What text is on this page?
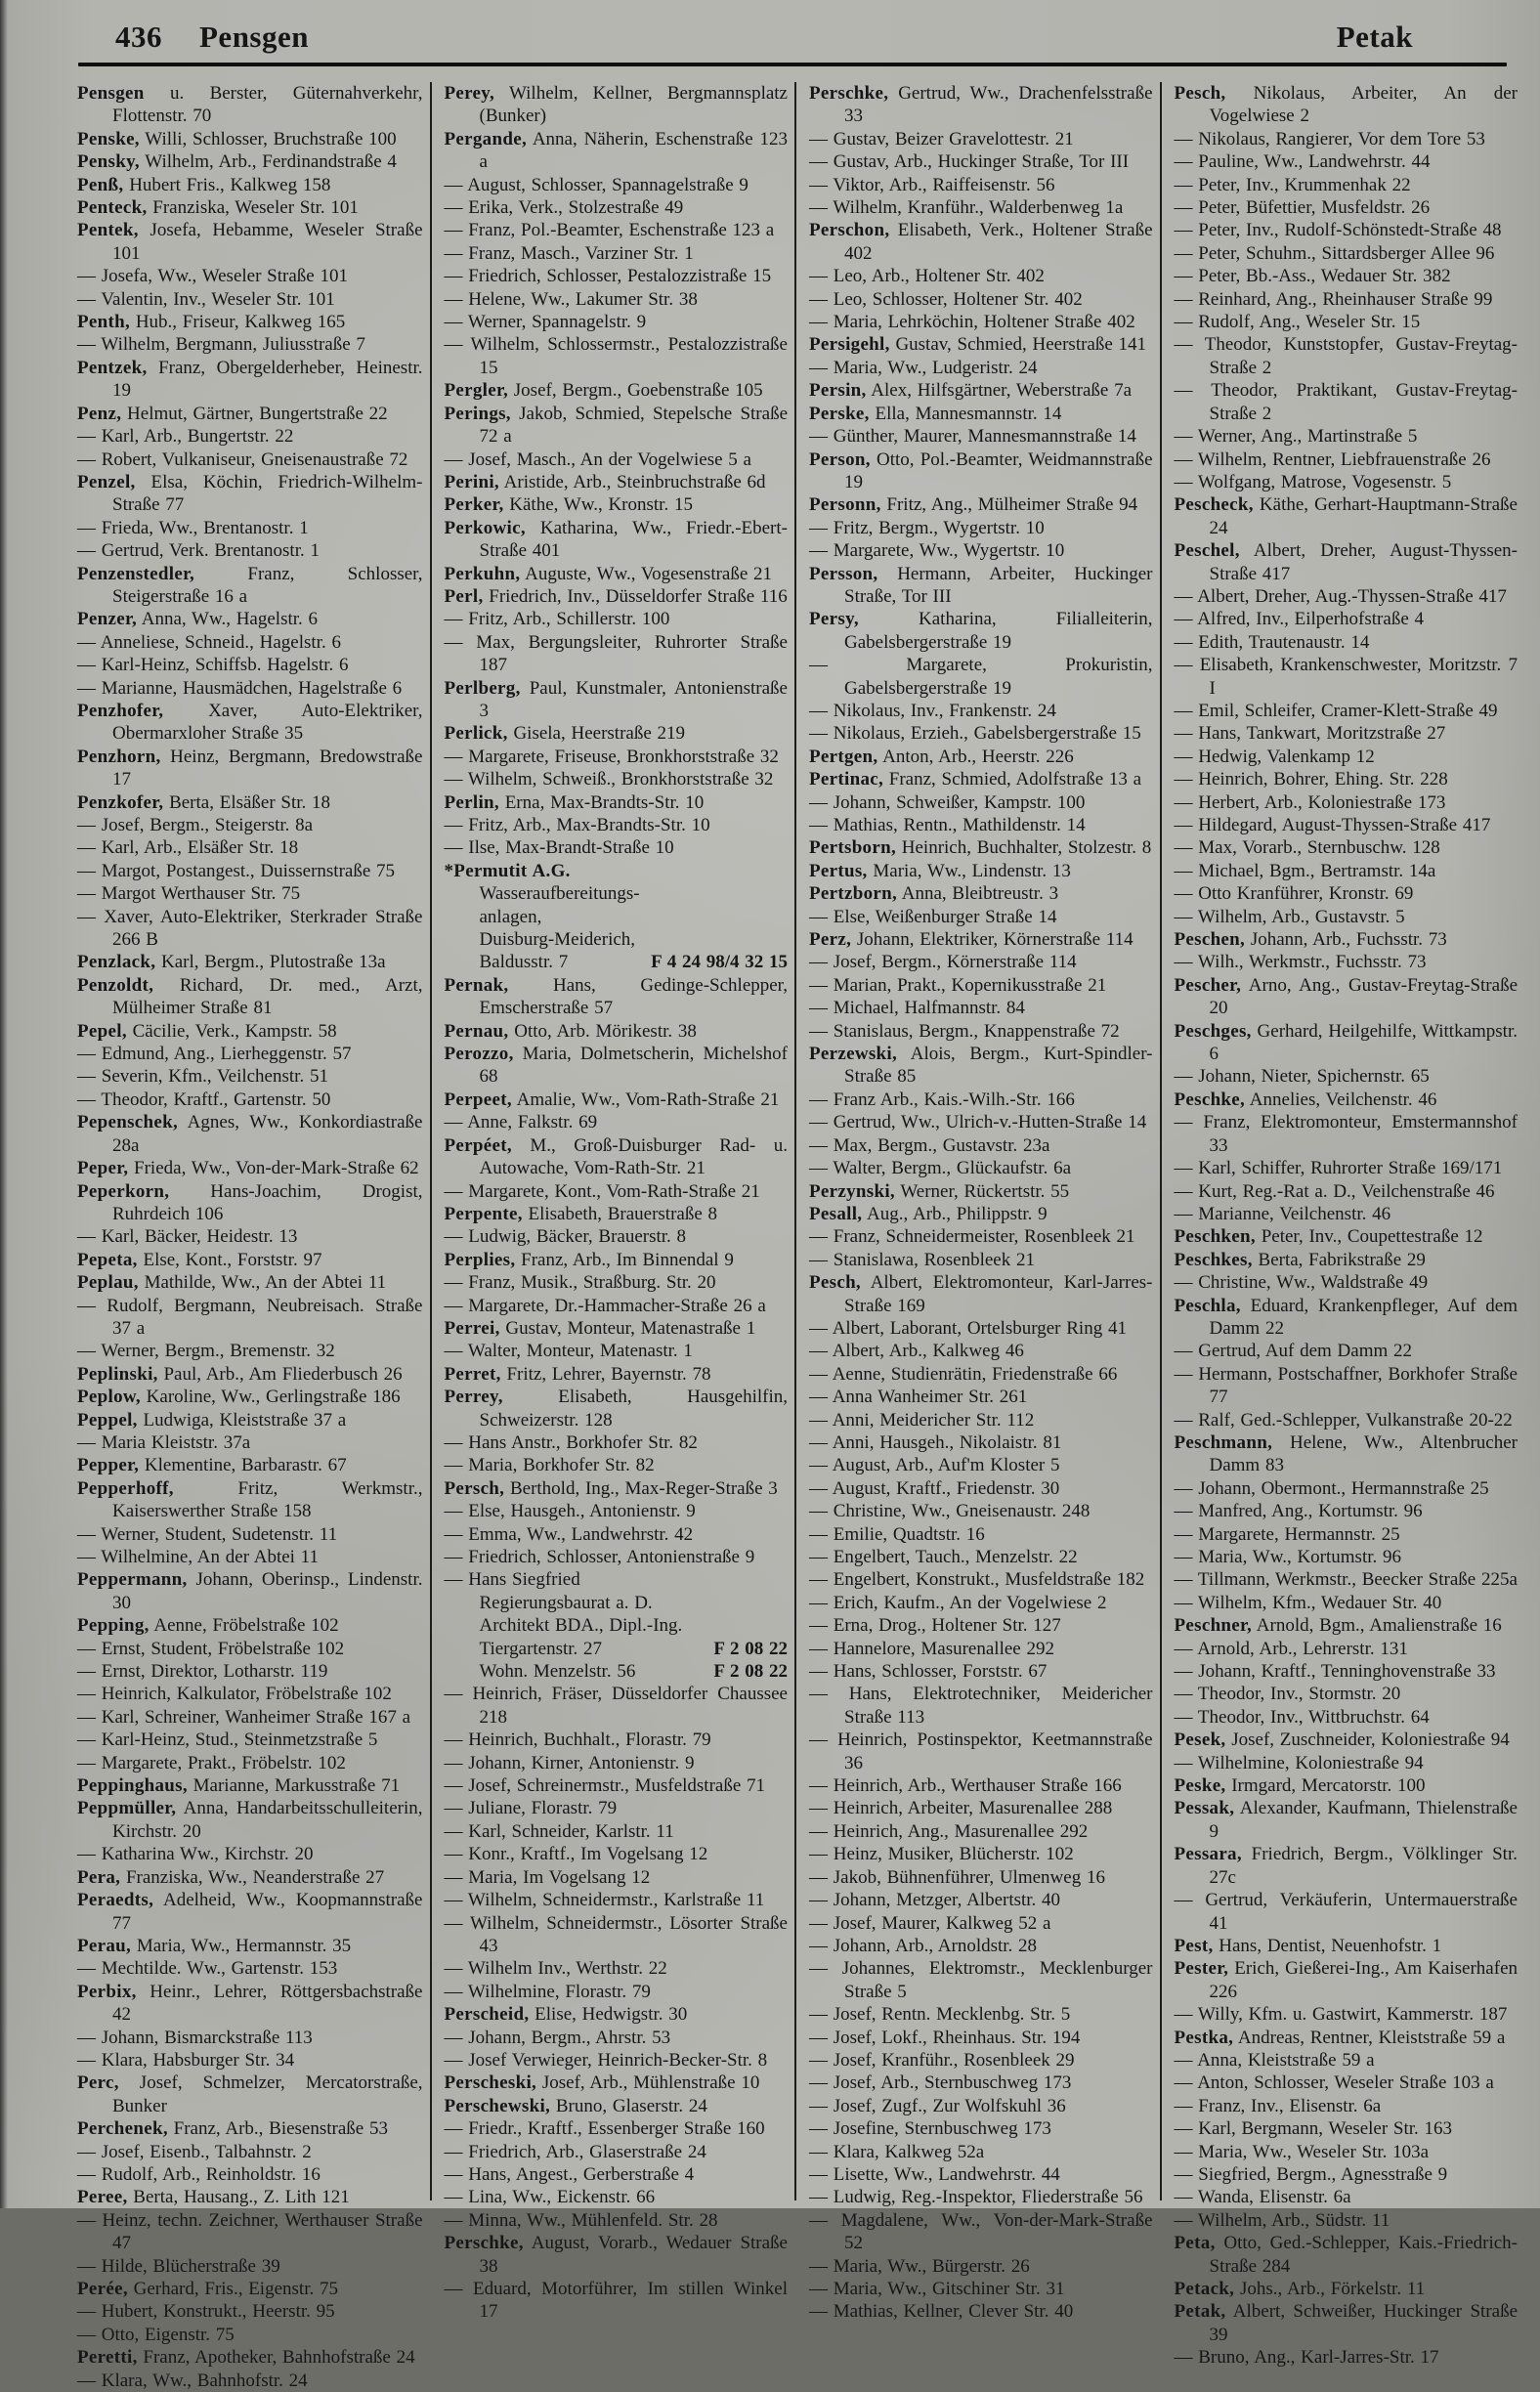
436 Pensgen	Petak

Pensgen u. Berster, Güternahverkehr, Flottenstr. 70

Penske, Willi, Schlosser, Bruchstraße 100

Pensky, Wilhelm, Arb., Ferdinandstraße 4

Penß, Hubert Fris., Kalkweg 158

Penteck, Franziska, Weseler Str. 101

Pentek, Josefa, Hebamme, Weseler Straße 101

— Josefa, Ww., Weseler Straße 101

— Valentin, Inv., Weseler Str. 101

Penth, Hub., Friseur, Kalkweg 165

— Wilhelm, Bergmann, Juliusstraße 7

Pentzek, Franz, Obergelderheber, Heinestr. 19

Penz, Helmut, Gärtner, Bungertstraße 22

— Karl, Arb., Bungertstr. 22

— Robert, Vulkaniseur, Gneisenaustraße 72

Penzel, Elsa, Köchin, Friedrich-Wilhelm-Straße 77

— Frieda, Ww., Brentanostr. 1

— Gertrud, Verk. Brentanostr. 1

Penzenstedler, Franz, Schlosser, Steigerstraße 16 a

Penzer, Anna, Ww., Hagelstr. 6

— Anneliese, Schneid., Hagelstr. 6

— Karl-Heinz, Schiffsb. Hagelstr. 6

— Marianne, Hausmädchen, Hagelstraße 6

Penzhofer, Xaver, Auto-Elektriker, Obermarxloher Straße 35

Penzhorn, Heinz, Bergmann, Bredowstraße 17

Penzkofer, Berta, Elsäßer Str. 18

— Josef, Bergm., Steigerstr. 8a

— Karl, Arb., Elsäßer Str. 18

— Margot, Postangest., Duissernstraße 75

— Margot Werthauser Str. 75

— Xaver, Auto-Elektriker, Sterkrader Straße 266 B

Penzlack, Karl, Bergm., Plutostraße 13a

Penzoldt, Richard, Dr. med., Arzt, Mülheimer Straße 81

Pepel, Cäcilie, Verk., Kampstr. 58

— Edmund, Ang., Lierheggenstr. 57

— Severin, Kfm., Veilchenstr. 51

— Theodor, Kraftf., Gartenstr. 50

Pepenschek, Agnes, Ww., Konkordiastraße 28a

Peper, Frieda, Ww., Von-der-Mark-Straße 62

Peperkorn, Hans-Joachim, Drogist, Ruhrdeich 106

— Karl, Bäcker, Heidestr. 13

Pepeta, Else, Kont., Forststr. 97

Peplau, Mathilde, Ww., An der Abtei 11

— Rudolf, Bergmann, Neubreisach. Straße 37 a

— Werner, Bergm., Bremenstr. 32

Peplinski, Paul, Arb., Am Fliederbusch 26

Peplow, Karoline, Ww., Gerlingstraße 186

Peppel, Ludwiga, Kleiststraße 37 a

— Maria Kleiststr. 37a

Pepper, Klementine, Barbarastr. 67

Pepperhoff, Fritz, Werkmstr., Kaiserswerther Straße 158

— Werner, Student, Sudetenstr. 11

— Wilhelmine, An der Abtei 11

Peppermann, Johann, Oberinsp., Lindenstr. 30

Pepping, Aenne, Fröbelstraße 102

— Ernst, Student, Fröbelstraße 102

— Ernst, Direktor, Lotharstr. 119

— Heinrich, Kalkulator, Fröbelstraße 102

— Karl, Schreiner, Wanheimer Straße 167 a

— Karl-Heinz, Stud., Steinmetzstraße 5

— Margarete, Prakt., Fröbelstr. 102

Peppinghaus, Marianne, Markusstraße 71

Peppmüller, Anna, Handarbeitsschulleiterin, Kirchstr. 20

— Katharina Ww., Kirchstr. 20

Pera, Franziska, Ww., Neanderstraße 27

Peraedts, Adelheid, Ww., Koopmannstraße 77

Perau, Maria, Ww., Hermannstr. 35

— Mechtilde. Ww., Gartenstr. 153

Perbix, Heinr., Lehrer, Röttgersbachstraße 42

— Johann, Bismarckstraße 113

— Klara, Habsburger Str. 34

Perc, Josef, Schmelzer, Mercatorstraße, Bunker

Perchenek, Franz, Arb., Biesenstraße 53

— Josef, Eisenb., Talbahnstr. 2

— Rudolf, Arb., Reinholdstr. 16

Peree, Berta, Hausang., Z. Lith 121

— Heinz, techn. Zeichner, Werthauser Straße 47

— Hilde, Blücherstraße 39

Perée, Gerhard, Fris., Eigenstr. 75

— Hubert, Konstrukt., Heerstr. 95

— Otto, Eigenstr. 75

Peretti, Franz, Apotheker, Bahnhofstraße 24

— Klara, Ww., Bahnhofstr. 24

Perey, Wilhelm, Kellner, Bergmannsplatz (Bunker)

Pergande, Anna, Näherin, Eschenstraße 123 a

— August, Schlosser, Spannagelstraße 9

— Erika, Verk., Stolzestraße 49

— Franz, Pol.-Beamter, Eschenstraße 123 a

— Franz, Masch., Varziner Str. 1

— Friedrich, Schlosser, Pestalozzistraße 15

— Helene, Ww., Lakumer Str. 38

— Werner, Spannagelstr. 9

— Wilhelm, Schlossermstr., Pestalozzistraße 15

Pergler, Josef, Bergm., Goebenstraße 105

Perings, Jakob, Schmied, Stepelsche Straße 72 a

— Josef, Masch., An der Vogelwiese 5 a

Perini, Aristide, Arb., Steinbruchstraße 6d

Perker, Käthe, Ww., Kronstr. 15

Perkowic, Katharina, Ww., Friedr.-Ebert-Straße 401

Perkuhn, Auguste, Ww., Vogesenstraße 21

Perl, Friedrich, Inv., Düsseldorfer Straße 116

— Fritz, Arb., Schillerstr. 100

— Max, Bergungsleiter, Ruhrorter Straße 187

Perlberg, Paul, Kunstmaler, Antonienstraße 3

Perlick, Gisela, Heerstraße 219

— Margarete, Friseuse, Bronkhorststraße 32

— Wilhelm, Schweiß., Bronkhorststraße 32

Perlin, Erna, Max-Brandts-Str. 10

— Fritz, Arb., Max-Brandts-Str. 10

— Ilse, Max-Brandt-Straße 10

*Permutit A.G.
Wasseraufbereitungs-
anlagen,
Duisburg-Meiderich,
F 4 24 98/4 32 15
Baldusstr. 7

Pernak, Hans, Gedinge-Schlepper, Emscherstraße 57

Pernau, Otto, Arb. Mörikestr. 38

Perozzo, Maria, Dolmetscherin, Michelshof 68

Perpeet, Amalie, Ww., Vom-Rath-Straße 21

— Anne, Falkstr. 69

Perpéet, M., Groß-Duisburger Rad- u. Autowache, Vom-Rath-Str. 21

— Margarete, Kont., Vom-Rath-Straße 21

Perpente, Elisabeth, Brauerstraße 8

— Ludwig, Bäcker, Brauerstr. 8

Perplies, Franz, Arb., Im Binnendal 9

— Franz, Musik., Straßburg. Str. 20

— Margarete, Dr.-Hammacher-Straße 26 a

Perrei, Gustav, Monteur, Matenastraße 1

— Walter, Monteur, Matenastr. 1

Perret, Fritz, Lehrer, Bayernstr. 78

Perrey, Elisabeth, Hausgehilfin, Schweizerstr. 128

— Hans Anstr., Borkhofer Str. 82

— Maria, Borkhofer Str. 82

Persch, Berthold, Ing., Max-Reger-Straße 3

— Else, Hausgeh., Antonienstr. 9

— Emma, Ww., Landwehrstr. 42

— Friedrich, Schlosser, Antonienstraße 9

— Hans Siegfried
Regierungsbaurat a. D.
Architekt BDA., Dipl.-Ing.
F 2 08 22
Tiergartenstr. 27
F 2 08 22
Wohn. Menzelstr. 56

— Heinrich, Fräser, Düsseldorfer Chaussee 218

— Heinrich, Buchhalt., Florastr. 79

— Johann, Kirner, Antonienstr. 9

— Josef, Schreinermstr., Musfeldstraße 71

— Juliane, Florastr. 79

— Karl, Schneider, Karlstr. 11

— Konr., Kraftf., Im Vogelsang 12

— Maria, Im Vogelsang 12

— Wilhelm, Schneidermstr., Karlstraße 11

— Wilhelm, Schneidermstr., Lösorter Straße 43

— Wilhelm Inv., Werthstr. 22

— Wilhelmine, Florastr. 79

Perscheid, Elise, Hedwigstr. 30

— Johann, Bergm., Ahrstr. 53

— Josef Verwieger, Heinrich-Becker-Str. 8

Perscheski, Josef, Arb., Mühlenstraße 10

Perschewski, Bruno, Glaserstr. 24

— Friedr., Kraftf., Essenberger Straße 160

— Friedrich, Arb., Glaserstraße 24

— Hans, Angest., Gerberstraße 4

— Lina, Ww., Eickenstr. 66

— Minna, Ww., Mühlenfeld. Str. 28

Perschke, August, Vorarb., Wedauer Straße 38

— Eduard, Motorführer, Im stillen Winkel 17

Perschke, Gertrud, Ww., Drachenfelsstraße 33

— Gustav, Beizer Gravelottestr. 21

— Gustav, Arb., Huckinger Straße, Tor III

— Viktor, Arb., Raiffeisenstr. 56

— Wilhelm, Kranführ., Walderbenweg 1a

Perschon, Elisabeth, Verk., Holtener Straße 402

— Leo, Arb., Holtener Str. 402

— Leo, Schlosser, Holtener Str. 402

— Maria, Lehrköchin, Holtener Straße 402

Persigehl, Gustav, Schmied, Heerstraße 141

— Maria, Ww., Ludgeristr. 24

Persin, Alex, Hilfsgärtner, Weberstraße 7a

Perske, Ella, Mannesmannstr. 14

— Günther, Maurer, Mannesmannstraße 14

Person, Otto, Pol.-Beamter, Weidmannstraße 19

Personn, Fritz, Ang., Mülheimer Straße 94

— Fritz, Bergm., Wygertstr. 10

— Margarete, Ww., Wygertstr. 10

Persson, Hermann, Arbeiter, Huckinger Straße, Tor III

Persy, Katharina, Filialleiterin, Gabelsbergerstraße 19

— Margarete, Prokuristin, Gabelsbergerstraße 19

— Nikolaus, Inv., Frankenstr. 24

— Nikolaus, Erzieh., Gabelsbergerstraße 15

Pertgen, Anton, Arb., Heerstr. 226

Pertinac, Franz, Schmied, Adolfstraße 13 a

— Johann, Schweißer, Kampstr. 100

— Mathias, Rentn., Mathildenstr. 14

Pertsborn, Heinrich, Buchhalter, Stolzestr. 8

Pertus, Maria, Ww., Lindenstr. 13

Pertzborn, Anna, Bleibtreustr. 3

— Else, Weißenburger Straße 14

Perz, Johann, Elektriker, Körnerstraße 114

— Josef, Bergm., Körnerstraße 114

— Marian, Prakt., Kopernikusstraße 21

— Michael, Halfmannstr. 84

— Stanislaus, Bergm., Knappenstraße 72

Perzewski, Alois, Bergm., Kurt-Spindler-Straße 85

— Franz Arb., Kais.-Wilh.-Str. 166

— Gertrud, Ww., Ulrich-v.-Hutten-Straße 14

— Max, Bergm., Gustavstr. 23a

— Walter, Bergm., Glückaufstr. 6a

Perzynski, Werner, Rückertstr. 55

Pesall, Aug., Arb., Philippstr. 9

— Franz, Schneidermeister, Rosenbleek 21

— Stanislawa, Rosenbleek 21

Pesch, Albert, Elektromonteur, Karl-Jarres-Straße 169

— Albert, Laborant, Ortelsburger Ring 41

— Albert, Arb., Kalkweg 46

— Aenne, Studienrätin, Friedenstraße 66

— Anna Wanheimer Str. 261

— Anni, Meidericher Str. 112

— Anni, Hausgeh., Nikolaistr. 81

— August, Arb., Auf'm Kloster 5

— August, Kraftf., Friedenstr. 30

— Christine, Ww., Gneisenaustr. 248

— Emilie, Quadtstr. 16

— Engelbert, Tauch., Menzelstr. 22

— Engelbert, Konstrukt., Musfeldstraße 182

— Erich, Kaufm., An der Vogelwiese 2

— Erna, Drog., Holtener Str. 127

— Hannelore, Masurenallee 292

— Hans, Schlosser, Forststr. 67

— Hans, Elektrotechniker, Meidericher Straße 113

— Heinrich, Postinspektor, Keetmannstraße 36

— Heinrich, Arb., Werthauser Straße 166

— Heinrich, Arbeiter, Masurenallee 288

— Heinrich, Ang., Masurenallee 292

— Heinz, Musiker, Blücherstr. 102

— Jakob, Bühnenführer, Ulmenweg 16

— Johann, Metzger, Albertstr. 40

— Josef, Maurer, Kalkweg 52 a

— Johann, Arb., Arnoldstr. 28

— Johannes, Elektromstr., Mecklenburger Straße 5

— Josef, Rentn. Mecklenbg. Str. 5

— Josef, Lokf., Rheinhaus. Str. 194

— Josef, Kranführ., Rosenbleek 29

— Josef, Arb., Sternbuschweg 173

— Josef, Zugf., Zur Wolfskuhl 36

— Josefine, Sternbuschweg 173

— Klara, Kalkweg 52a

— Lisette, Ww., Landwehrstr. 44

— Ludwig, Reg.-Inspektor, Fliederstraße 56

— Magdalene, Ww., Von-der-Mark-Straße 52

— Maria, Ww., Bürgerstr. 26

— Maria, Ww., Gitschiner Str. 31

— Mathias, Kellner, Clever Str. 40

Pesch, Nikolaus, Arbeiter, An der Vogelwiese 2

— Nikolaus, Rangierer, Vor dem Tore 53

— Pauline, Ww., Landwehrstr. 44

— Peter, Inv., Krummenhak 22

— Peter, Büfettier, Musfeldstr. 26

— Peter, Inv., Rudolf-Schönstedt-Straße 48

— Peter, Schuhm., Sittardsberger Allee 96

— Peter, Bb.-Ass., Wedauer Str. 382

— Reinhard, Ang., Rheinhauser Straße 99

— Rudolf, Ang., Weseler Str. 15

— Theodor, Kunststopfer, Gustav-Freytag-Straße 2

— Theodor, Praktikant, Gustav-Freytag-Straße 2

— Werner, Ang., Martinstraße 5

— Wilhelm, Rentner, Liebfrauenstraße 26

— Wolfgang, Matrose, Vogesenstr. 5

Pescheck, Käthe, Gerhart-Hauptmann-Straße 24

Peschel, Albert, Dreher, August-Thyssen-Straße 417

— Albert, Dreher, Aug.-Thyssen-Straße 417

— Alfred, Inv., Eilperhofstraße 4

— Edith, Trautenaustr. 14

— Elisabeth, Krankenschwester, Moritzstr. 7 I

— Emil, Schleifer, Cramer-Klett-Straße 49

— Hans, Tankwart, Moritzstraße 27

— Hedwig, Valenkamp 12

— Heinrich, Bohrer, Ehing. Str. 228

— Herbert, Arb., Koloniestraße 173

— Hildegard, August-Thyssen-Straße 417

— Max, Vorarb., Sternbuschw. 128

— Michael, Bgm., Bertramstr. 14a

— Otto Kranführer, Kronstr. 69

— Wilhelm, Arb., Gustavstr. 5

Peschen, Johann, Arb., Fuchsstr. 73

— Wilh., Werkmstr., Fuchsstr. 73

Pescher, Arno, Ang., Gustav-Freytag-Straße 20

Peschges, Gerhard, Heilgehilfe, Wittkampstr. 6

— Johann, Nieter, Spichernstr. 65

Peschke, Annelies, Veilchenstr. 46

— Franz, Elektromonteur, Emstermannshof 33

— Karl, Schiffer, Ruhrorter Straße 169/171

— Kurt, Reg.-Rat a. D., Veilchenstraße 46

— Marianne, Veilchenstr. 46

Peschken, Peter, Inv., Coupettestraße 12

Peschkes, Berta, Fabrikstraße 29

— Christine, Ww., Waldstraße 49

Peschla, Eduard, Krankenpfleger, Auf dem Damm 22

— Gertrud, Auf dem Damm 22

— Hermann, Postschaffner, Borkhofer Straße 77

— Ralf, Ged.-Schlepper, Vulkanstraße 20-22

Peschmann, Helene, Ww., Altenbrucher Damm 83

— Johann, Obermont., Hermannstraße 25

— Manfred, Ang., Kortumstr. 96

— Margarete, Hermannstr. 25

— Maria, Ww., Kortumstr. 96

— Tillmann, Werkmstr., Beecker Straße 225a

— Wilhelm, Kfm., Wedauer Str. 40

Peschner, Arnold, Bgm., Amalienstraße 16

— Arnold, Arb., Lehrerstr. 131

— Johann, Kraftf., Tenninghovenstraße 33

— Theodor, Inv., Stormstr. 20

— Theodor, Inv., Wittbruchstr. 64

Pesek, Josef, Zuschneider, Koloniestraße 94

— Wilhelmine, Koloniestraße 94

Peske, Irmgard, Mercatorstr. 100

Pessak, Alexander, Kaufmann, Thielenstraße 9

Pessara, Friedrich, Bergm., Völklinger Str. 27c

— Gertrud, Verkäuferin, Untermauerstraße 41

Pest, Hans, Dentist, Neuenhofstr. 1

Pester, Erich, Gießerei-Ing., Am Kaiserhafen 226

— Willy, Kfm. u. Gastwirt, Kammerstr. 187

Pestka, Andreas, Rentner, Kleiststraße 59 a

— Anna, Kleiststraße 59 a

— Anton, Schlosser, Weseler Straße 103 a

— Franz, Inv., Elisenstr. 6a

— Karl, Bergmann, Weseler Str. 163

— Maria, Ww., Weseler Str. 103a

— Siegfried, Bergm., Agnesstraße 9

— Wanda, Elisenstr. 6a

— Wilhelm, Arb., Südstr. 11

Peta, Otto, Ged.-Schlepper, Kais.-Friedrich-Straße 284

Petack, Johs., Arb., Förkelstr. 11

Petak, Albert, Schweißer, Huckinger Straße 39

— Bruno, Ang., Karl-Jarres-Str. 17
